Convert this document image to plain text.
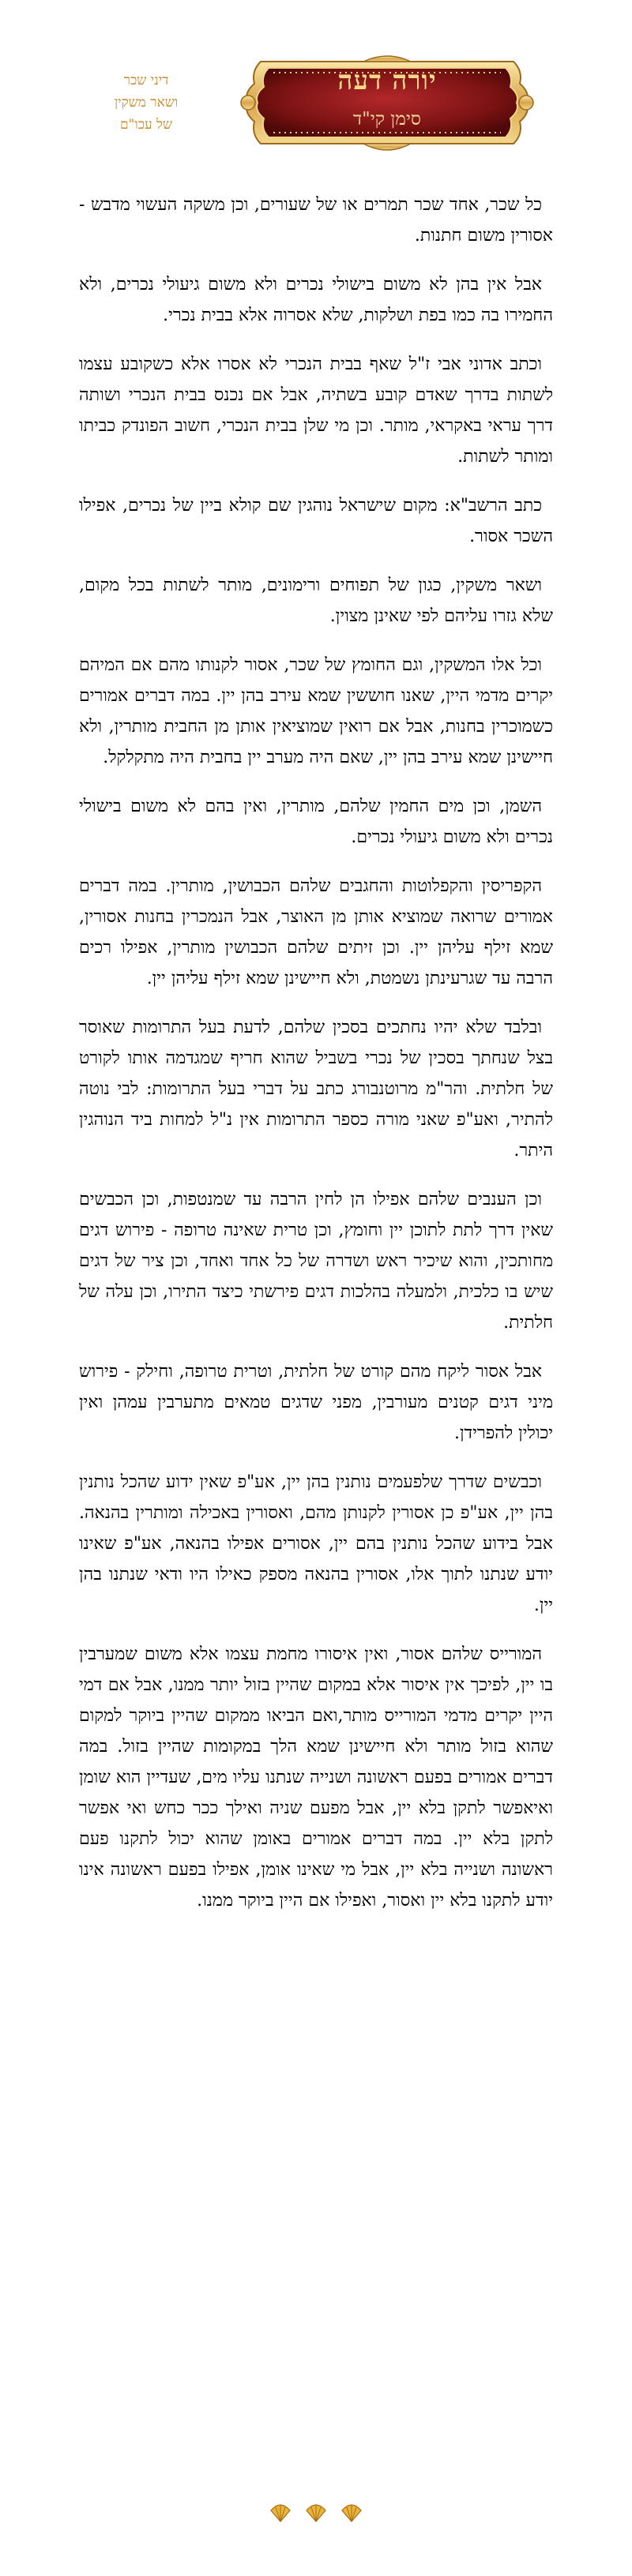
יורה דעה
סימן קי"ד
דיני שכר
ושאר משקין
של עכו"ם

כל שכר, אחד שכר תמרים או של שעורים, וכן משקה העשוי מדבש - אסורין משום חתנות.

אבל אין בהן לא משום בישולי נכרים ולא משום גיעולי נכרים, ולא החמירו בה כמו בפת ושלקות, שלא אסרוה אלא בבית נכרי.

וכתב אדוני אבי ז"ל שאף בבית הנכרי לא אסרו אלא כשקובע עצמו לשתות בדרך שאדם קובע בשתיה, אבל אם נכנס בבית הנכרי ושותה דרך עראי באקראי, מותר. וכן מי שלן בבית הנכרי, חשוב הפונדק כביתו ומותר לשתות.

כתב הרשב"א: מקום שישראל נוהגין שם קולא ביין של נכרים, אפילו השכר אסור.

ושאר משקין, כגון של תפוחים ורימונים, מותר לשתות בכל מקום, שלא גזרו עליהם לפי שאינן מצוין.

וכל אלו המשקין, וגם החומץ של שכר, אסור לקנותו מהם אם המיהם יקרים מדמי היין, שאנו חוששין שמא עירב בהן יין. במה דברים אמורים כשמוכרין בחנות, אבל אם רואין שמוציאין אותן מן החבית מותרין, ולא חיישינן שמא עירב בהן יין, שאם היה מערב יין בחבית היה מתקלקל.

השמן, וכן מים החמין שלהם, מותרין, ואין בהם לא משום בישולי נכרים ולא משום גיעולי נכרים.

הקפריסין והקפלוטות והחגבים שלהם הכבושין, מותרין. במה דברים אמורים שרואה שמוציא אותן מן האוצר, אבל הנמכרין בחנות אסורין, שמא זילף עליהן יין. וכן זיתים שלהם הכבושין מותרין, אפילו רכים הרבה עד שגרעינתן נשמטת, ולא חיישינן שמא זילף עליהן יין.

ובלבד שלא יהיו נחתכים בסכין שלהם, לדעת בעל התרומות שאוסר בצל שנחתך בסכין של נכרי בשביל שהוא חריף שמגדמה אותו לקורט של חלתית. והר"מ מרוטנבורג כתב על דברי בעל התרומות: לבי נוטה להתיר, ואע"פ שאני מורה כספר התרומות אין נ"ל למחות ביד הנוהגין היתר.

וכן הענבים שלהם אפילו הן לחין הרבה עד שמנטפות, וכן הכבשים שאין דרך לתת לתוכן יין וחומץ, וכן טרית שאינה טרופה - פירוש דגים מחותכין, והוא שיכיר ראש ושדרה של כל אחד ואחד, וכן ציר של דגים שיש בו כלכית, ולמעלה בהלכות דגים פירשתי כיצד התירו, וכן עלה של חלתית.

אבל אסור ליקח מהם קורט של חלתית, וטרית טרופה, וחילק - פירוש מיני דגים קטנים מעורבין, מפני שדגים טמאים מתערבין עמהן ואין יכולין להפרידן.

וכבשים שדרך שלפעמים נותנין בהן יין, אע"פ שאין ידוע שהכל נותנין בהן יין, אע"פ כן אסורין לקנותן מהם, ואסורין באכילה ומותרין בהנאה. אבל בידוע שהכל נותנין בהם יין, אסורים אפילו בהנאה, אע"פ שאינו יודע שנתנו לתוך אלו, אסורין בהנאה מספק כאילו היו ודאי שנתנו בהן יין.

המורייס שלהם אסור, ואין איסורו מחמת עצמו אלא משום שמערבין בו יין, לפיכך אין איסור אלא במקום שהיין בזול יותר ממנו, אבל אם דמי היין יקרים מדמי המורייס מותר,ואם הביאו ממקום שהיין ביוקר למקום שהוא בזול מותר ולא חיישינן שמא הלך במקומות שהיין בזול. במה דברים אמורים בפעם ראשונה ושנייה שנתנו עליו מים, שעדיין הוא שומן ואיאפשר לתקן בלא יין, אבל מפעם שניה ואילך ככר כחש ואי אפשר לתקן בלא יין. במה דברים אמורים באומן שהוא יכול לתקנו פעם ראשונה ושנייה בלא יין, אבל מי שאינו אומן, אפילו בפעם ראשונה אינו יודע לתקנו בלא יין ואסור, ואפילו אם היין ביוקר ממנו.
